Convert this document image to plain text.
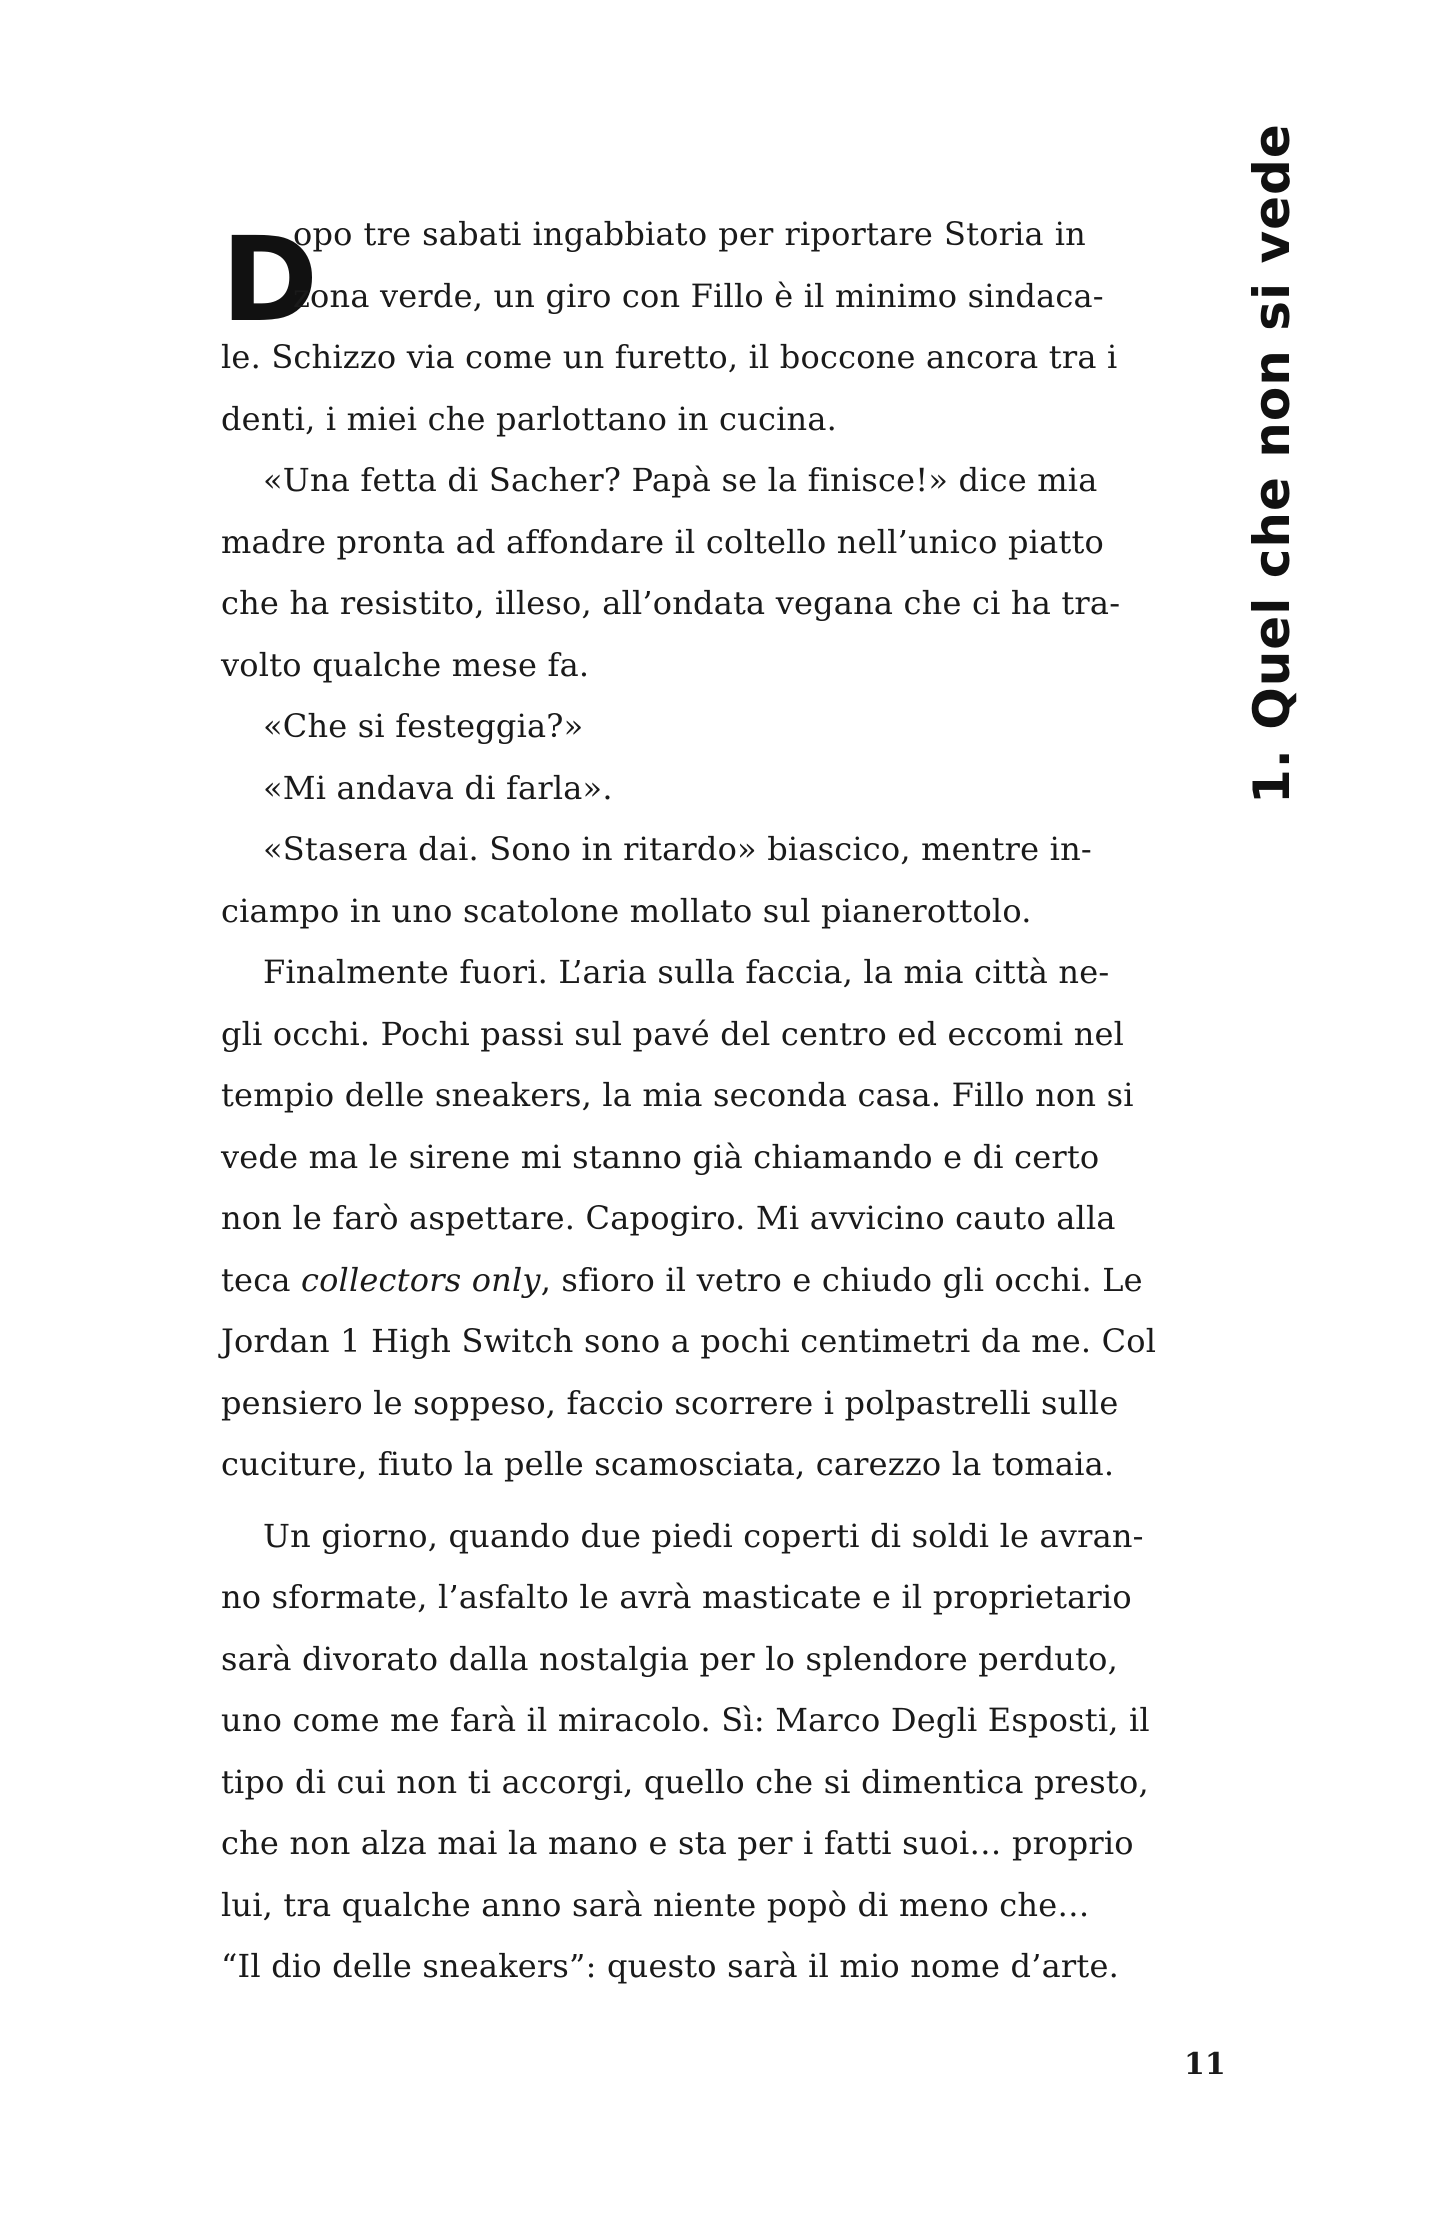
D
opo tre sabati ingabbiato per riportare Storia in
zona verde, un giro con Fillo è il minimo sindaca-
le. Schizzo via come un furetto, il boccone ancora tra i
denti, i miei che parlottano in cucina.
«Una fetta di Sacher? Papà se la finisce!» dice mia
madre pronta ad affondare il coltello nell’unico piatto
che ha resistito, illeso, all’ondata vegana che ci ha tra-
volto qualche mese fa.
«Che si festeggia?»
«Mi andava di farla».
«Stasera dai. Sono in ritardo» biascico, mentre in-
ciampo in uno scatolone mollato sul pianerottolo.
Finalmente fuori. L’aria sulla faccia, la mia città ne-
gli occhi. Pochi passi sul pavé del centro ed eccomi nel
tempio delle sneakers, la mia seconda casa. Fillo non si
vede ma le sirene mi stanno già chiamando e di certo
non le farò aspettare. Capogiro. Mi avvicino cauto alla
teca collectors only, sfioro il vetro e chiudo gli occhi. Le
Jordan 1 High Switch sono a pochi centimetri da me. Col
pensiero le soppeso, faccio scorrere i polpastrelli sulle
cuciture, fiuto la pelle scamosciata, carezzo la tomaia.
Un giorno, quando due piedi coperti di soldi le avran-
no sformate, l’asfalto le avrà masticate e il proprietario
sarà divorato dalla nostalgia per lo splendore perduto,
uno come me farà il miracolo. Sì: Marco Degli Esposti, il
tipo di cui non ti accorgi, quello che si dimentica presto,
che non alza mai la mano e sta per i fatti suoi… proprio
lui, tra qualche anno sarà niente popò di meno che…
“Il dio delle sneakers”: questo sarà il mio nome d’arte.
1. Quel che non si vede
11
